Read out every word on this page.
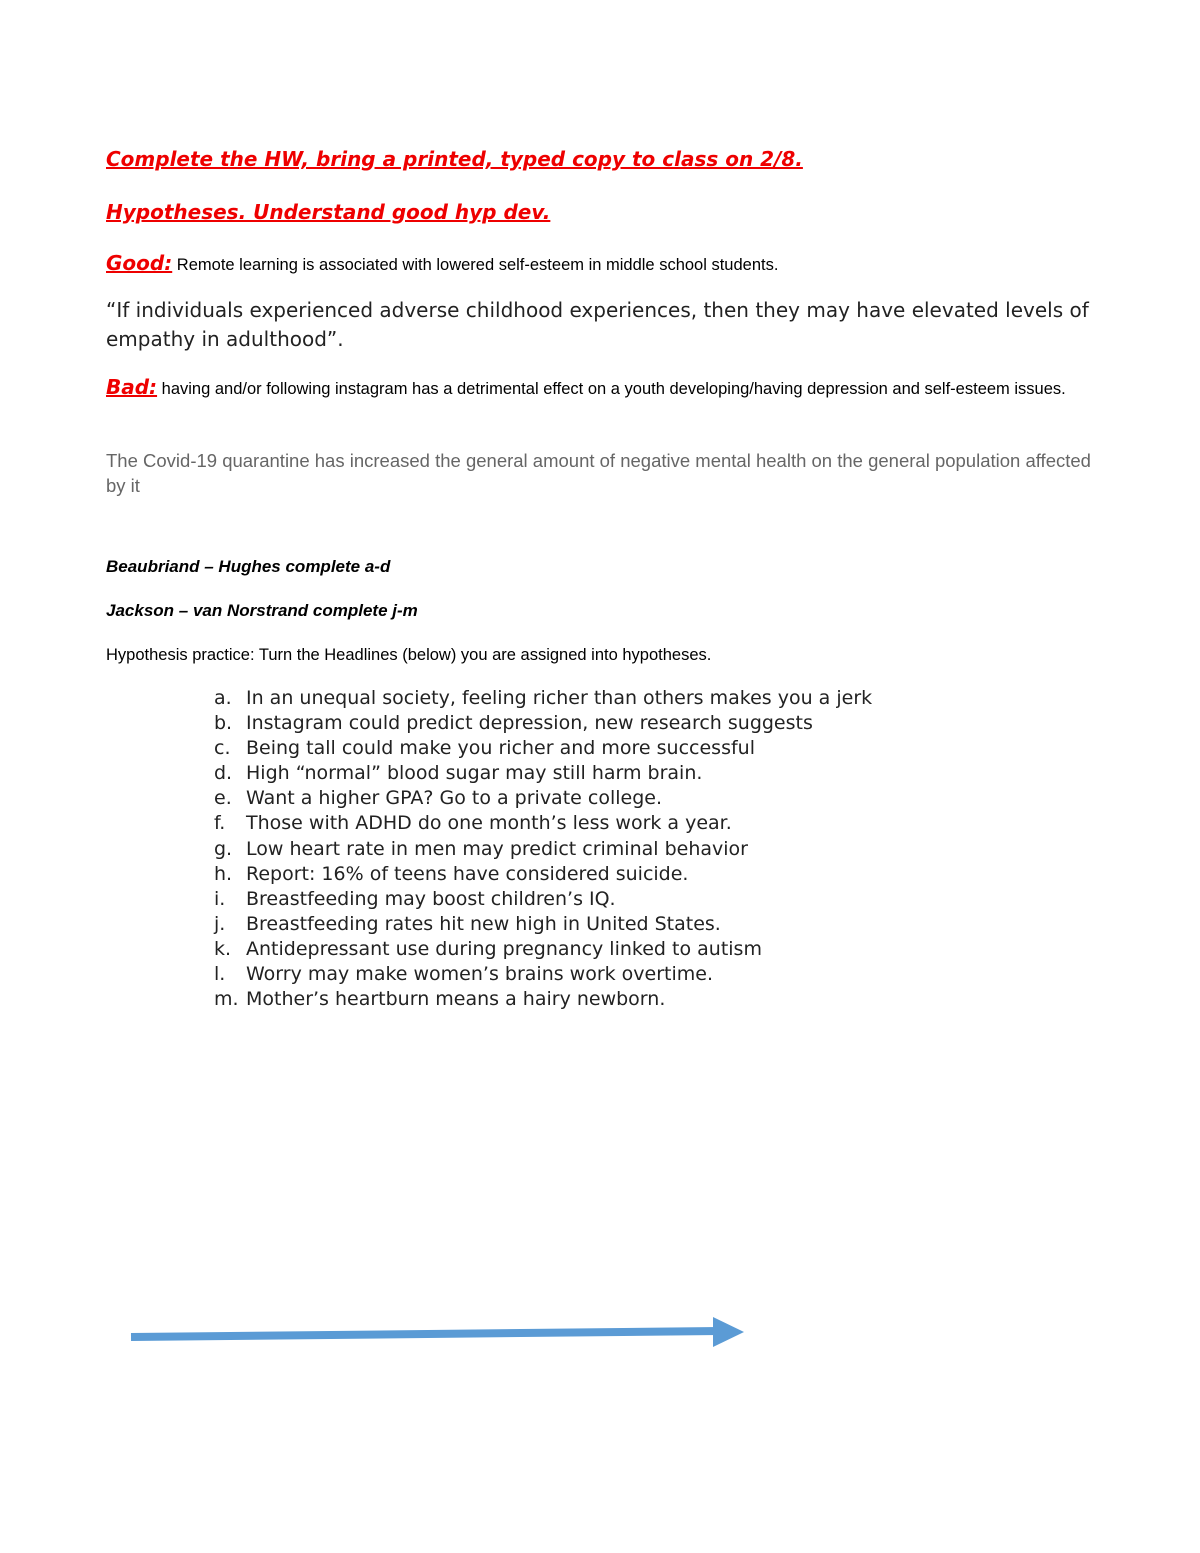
Complete the HW, bring a printed, typed copy to class on 2/8.

Hypotheses. Understand good hyp dev.

Good: Remote learning is associated with lowered self-esteem in middle school students.

“If individuals experienced adverse childhood experiences, then they may have elevated levels of empathy in adulthood”.

Bad: having and/or following instagram has a detrimental effect on a youth developing/having depression and self-esteem issues.

The Covid-19 quarantine has increased the general amount of negative mental health on the general population affected by it

Beaubriand – Hughes complete a-d

Jackson – van Norstrand complete j-m

Hypothesis practice: Turn the Headlines (below) you are assigned into hypotheses.

a. In an unequal society, feeling richer than others makes you a jerk
b. Instagram could predict depression, new research suggests
c. Being tall could make you richer and more successful
d. High “normal” blood sugar may still harm brain.
e. Want a higher GPA? Go to a private college.
f.	Those with ADHD do one month’s less work a year.
g. Low heart rate in men may predict criminal behavior
h. Report: 16% of teens have considered suicide.
i.	Breastfeeding may boost children’s IQ.
j.	Breastfeeding rates hit new high in United States.
k. Antidepressant use during pregnancy linked to autism
l.	Worry may make women’s brains work overtime.
m. Mother’s heartburn means a hairy newborn.
